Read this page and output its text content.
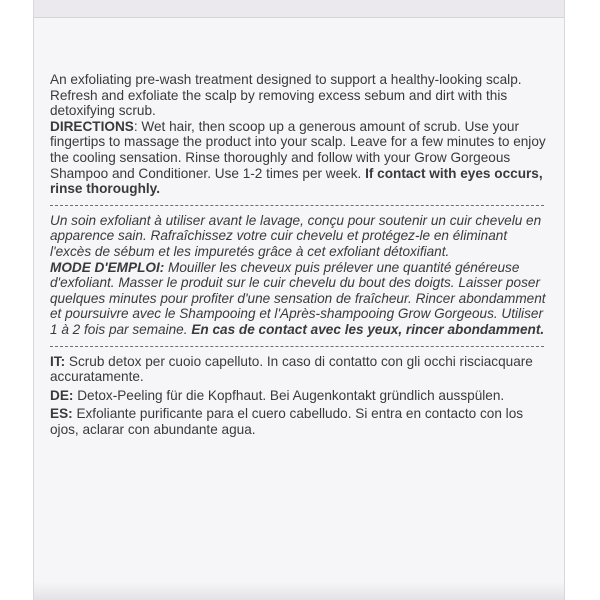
An exfoliating pre-wash treatment designed to support a healthy-looking scalp. Refresh and exfoliate the scalp by removing excess sebum and dirt with this detoxifying scrub.
DIRECTIONS: Wet hair, then scoop up a generous amount of scrub. Use your fingertips to massage the product into your scalp. Leave for a few minutes to enjoy the cooling sensation. Rinse thoroughly and follow with your Grow Gorgeous Shampoo and Conditioner. Use 1-2 times per week. If contact with eyes occurs, rinse thoroughly.

Un soin exfoliant à utiliser avant le lavage, conçu pour soutenir un cuir chevelu en apparence sain. Rafraîchissez votre cuir chevelu et protégez-le en éliminant l'excès de sébum et les impuretés grâce à cet exfoliant détoxifiant.
MODE D'EMPLOI: Mouiller les cheveux puis prélever une quantité généreuse d'exfoliant. Masser le produit sur le cuir chevelu du bout des doigts. Laisser poser quelques minutes pour profiter d'une sensation de fraîcheur. Rincer abondamment et poursuivre avec le Shampooing et l'Après-shampooing Grow Gorgeous. Utiliser 1 à 2 fois par semaine. En cas de contact avec les yeux, rincer abondamment.

IT: Scrub detox per cuoio capelluto. In caso di contatto con gli occhi risciacquare accuratamente.

DE: Detox-Peeling für die Kopfhaut. Bei Augenkontakt gründlich ausspülen.

ES: Exfoliante purificante para el cuero cabelludo. Si entra en contacto con los ojos, aclarar con abundante agua.
